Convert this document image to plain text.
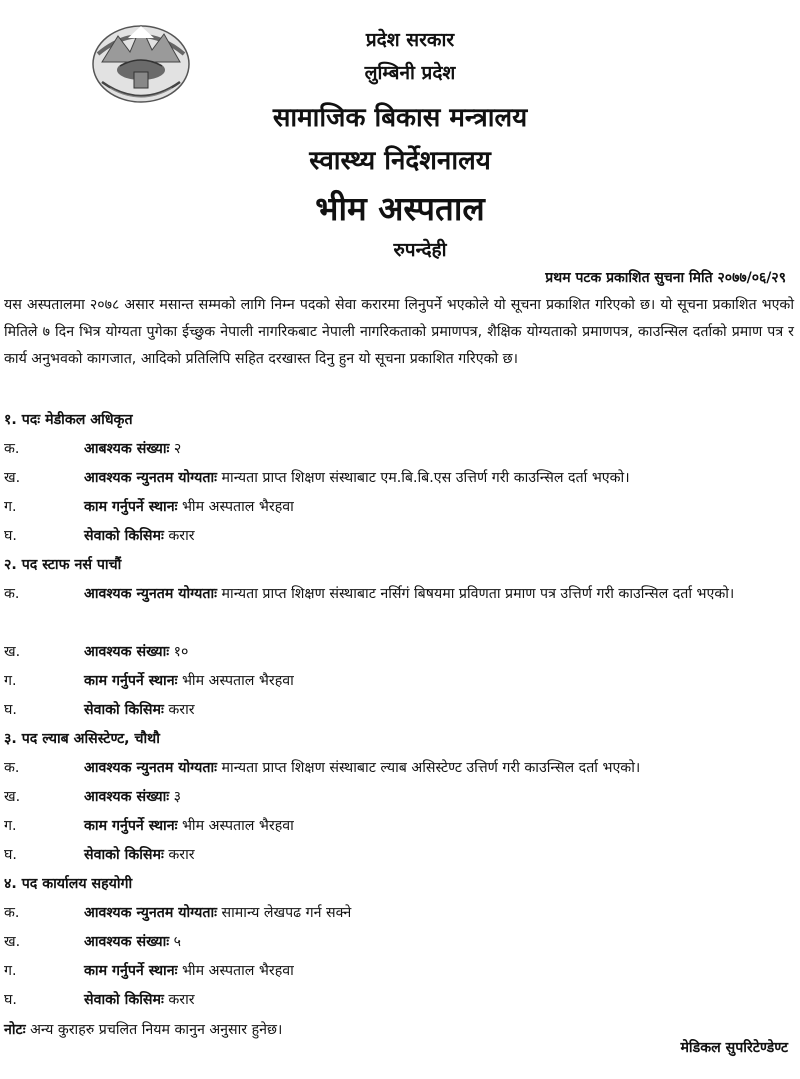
प्रदेश सरकार
लुम्बिनी प्रदेश
सामाजिक बिकास मन्त्रालय
स्वास्थ्य निर्देशनालय
भीम अस्पताल
रुपन्देही
प्रथम पटक प्रकाशित सुचना मिति २०७७/०६/२९

यस अस्पतालमा २०७८ असार मसान्त सम्मको लागि निम्न पदको सेवा करारमा लिनुपर्ने भएकोले यो सूचना प्रकाशित गरिएको छ। यो सूचना प्रकाशित भएको मितिले ७ दिन भित्र योग्यता पुगेका ईच्छुक नेपाली नागरिकबाट नेपाली नागरिकताको प्रमाणपत्र, शैक्षिक योग्यताको प्रमाणपत्र, काउन्सिल दर्ताको प्रमाण पत्र र कार्य अनुभवको कागजात, आदिको प्रतिलिपि सहित दरखास्त दिनु हुन यो सूचना प्रकाशित गरिएको छ।

१. पदः मेडीकल अधिकृत
क.	आबश्यक संख्याः २
ख.	आवश्यक न्युनतम योग्यताः मान्यता प्राप्त शिक्षण संस्थाबाट एम.बि.बि.एस उत्तिर्ण गरी काउन्सिल दर्ता भएको।
ग.	काम गर्नुपर्ने स्थानः भीम अस्पताल भैरहवा
घ.	सेवाको किसिमः करार
२. पद स्टाफ नर्स पाचौं
क.	आवश्यक न्युनतम योग्यताः मान्यता प्राप्त शिक्षण संस्थाबाट नर्सिगं बिषयमा प्रविणता प्रमाण पत्र उत्तिर्ण गरी काउन्सिल दर्ता भएको।
ख.	आवश्यक संख्याः १०
ग.	काम गर्नुपर्ने स्थानः भीम अस्पताल भैरहवा
घ.	सेवाको किसिमः करार
३. पद ल्याब असिस्टेण्ट, चौथौ
क.	आवश्यक न्युनतम योग्यताः मान्यता प्राप्त शिक्षण संस्थाबाट ल्याब असिस्टेण्ट उत्तिर्ण गरी काउन्सिल दर्ता भएको।
ख.	आवश्यक संख्याः ३
ग.	काम गर्नुपर्ने स्थानः भीम अस्पताल भैरहवा
घ.	सेवाको किसिमः करार
४. पद कार्यालय सहयोगी
क.	आवश्यक न्युनतम योग्यताः सामान्य लेखपढ गर्न सक्ने
ख.	आवश्यक संख्याः ५
ग.	काम गर्नुपर्ने स्थानः भीम अस्पताल भैरहवा
घ.	सेवाको किसिमः करार
नोटः अन्य कुराहरु प्रचलित नियम कानुन अनुसार हुनेछ।
मेडिकल सुपरिटेण्डेण्ट
